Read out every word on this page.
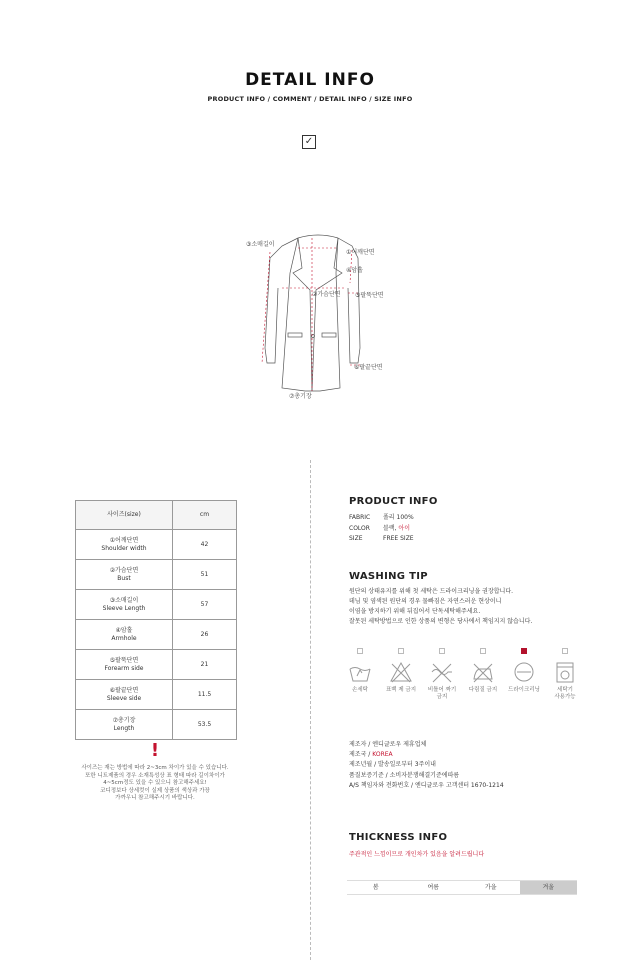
DETAIL INFO
PRODUCT INFO / COMMENT / DETAIL INFO / SIZE INFO
✓
③소매길이
①어깨단면
④암홀
②가슴단면 ⑤팔뚝단면
⑥팔끝단면
⑦총기장
사이즈(size)	cm
①어깨단면
Shoulder width	42
②가슴단면
Bust	51
③소매길이
Sleeve Length	57
④암홀
Armhole	26
⑤팔뚝단면
Forearm side	21
⑥팔끝단면
Sleeve side	11.5
⑦총기장
Length	53.5
!
사이즈는 재는 방법에 따라 2~3cm 차이가 있을 수 있습니다.
또한 니트제품의 경우 소재특성상 표 형태 따라 길이차이가
4~5cm정도 있을 수 있으니 참고해주세요!
코디정보다 상세컷이 실제 상품의 색상과 가장
가까우니 참고해주시기 바랍니다.
PRODUCT INFO
FABRIC 폴리 100%
COLOR 블랙, 아이
SIZE	FREE SIZE
WASHING TIP
원단의 상태유지를 위해 첫 세탁은 드라이크리닝을 권장합니다.
데님 및 염색된 원단의 경우 물빠짐은 자연스러운 현상이니
이염을 방지하기 위해 뒤집어서 단독세탁해주세요.
잘못된 세탁방법으로 인한 상품의 변형은 당사에서 책임지지 않습니다.
손세탁	표백 제 금지	비틀어 짜기
금지
다림질 금지	드라이크리닝	세탁기
사용가능
제조자 / 엔디글로우 제휴업체
제조국 / KOREA
제조년월 / 발송일로부터 3주이내
품질보증기준 / 소비자분쟁해결기준에따름
A/S 책임자와 전화번호 / 엔디글로우 고객센터 1670-1214
THICKNESS INFO
주관적인 느낌이므로 개인차가 있음을 알려드립니다
봄	여름	가을	겨울
